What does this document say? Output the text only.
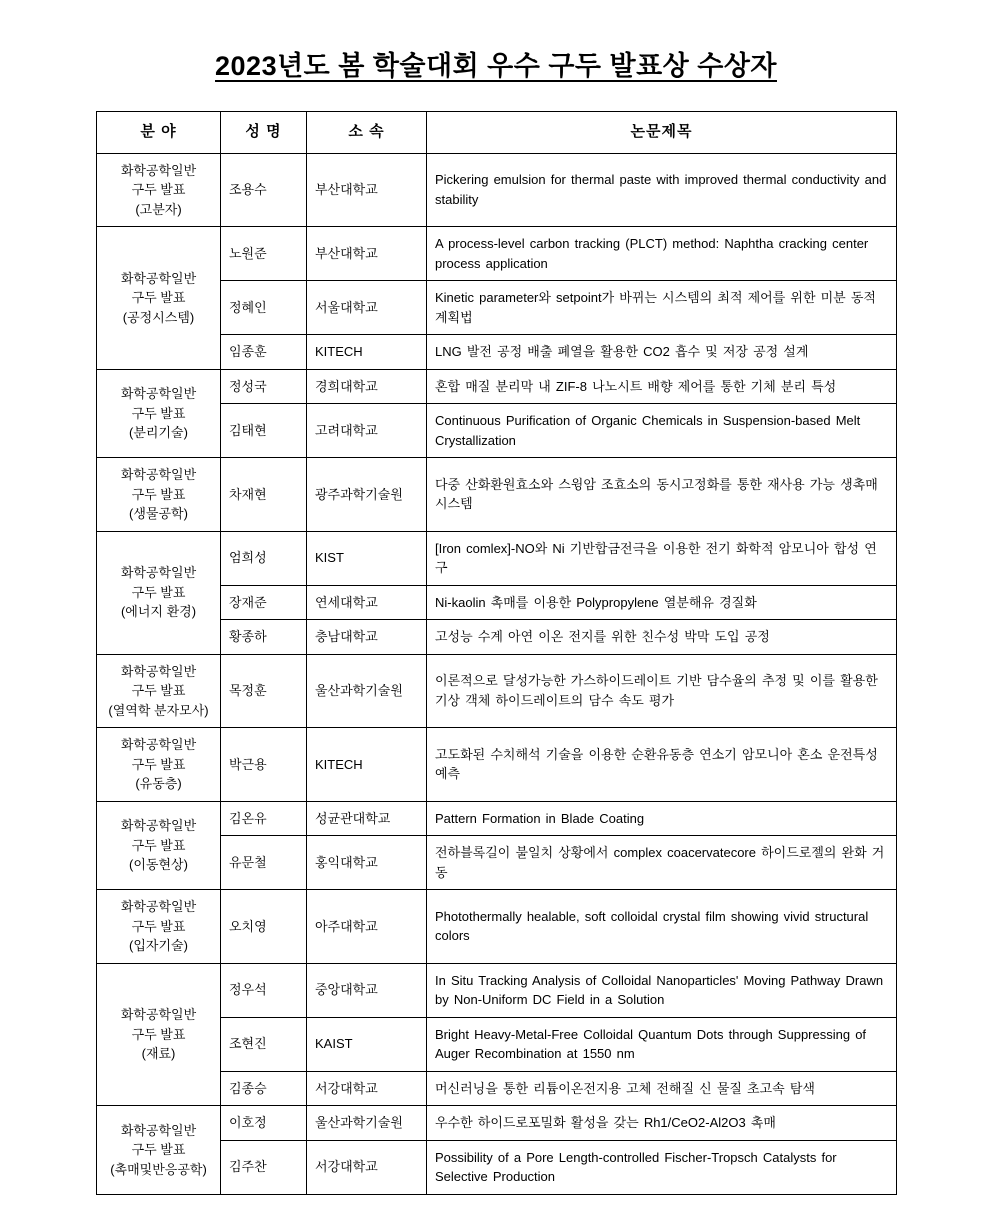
2023년도 봄 학술대회 우수 구두 발표상 수상자
분 야	성 명	소 속	논문제목

화학공학일반
구두 발표
(고분자)	조용수	부산대학교	Pickering emulsion for thermal paste with improved thermal conductivity and stability

화학공학일반
구두 발표
(공정시스템)	노원준	부산대학교	A process-level carbon tracking (PLCT) method: Naphtha cracking center process application
	정혜인	서울대학교	Kinetic parameter와 setpoint가 바뀌는 시스템의 최적 제어를 위한 미분 동적 계획법
	임종훈	KITECH	LNG 발전 공정 배출 폐열을 활용한 CO2 흡수 및 저장 공정 설계

화학공학일반
구두 발표
(분리기술)	정성국	경희대학교	혼합 매질 분리막 내 ZIF-8 나노시트 배향 제어를 통한 기체 분리 특성
	김태현	고려대학교	Continuous Purification of Organic Chemicals in Suspension-based Melt Crystallization

화학공학일반
구두 발표
(생물공학)	차재현	광주과학기술원	다중 산화환원효소와 스윙암 조효소의 동시고정화를 통한 재사용 가능 생촉매 시스템

화학공학일반
구두 발표
(에너지 환경)	엄희성	KIST	[Iron comlex]-NO와 Ni 기반합금전극을 이용한 전기 화학적 암모니아 합성 연구
	장재준	연세대학교	Ni-kaolin 촉매를 이용한 Polypropylene 열분해유 경질화
	황종하	충남대학교	고성능 수계 아연 이온 전지를 위한 친수성 박막 도입 공정

화학공학일반
구두 발표
(열역학 분자모사)	목정훈	울산과학기술원	이론적으로 달성가능한 가스하이드레이트 기반 담수율의 추정 및 이를 활용한 기상 객체 하이드레이트의 담수 속도 평가

화학공학일반
구두 발표
(유동층)	박근용	KITECH	고도화된 수치해석 기술을 이용한 순환유동층 연소기 암모니아 혼소 운전특성 예측

화학공학일반
구두 발표
(이동현상)	김온유	성균관대학교	Pattern Formation in Blade Coating
	유문철	홍익대학교	전하블록길이 불일치 상황에서 complex coacervatecore 하이드로젤의 완화 거동

화학공학일반
구두 발표
(입자기술)	오치영	아주대학교	Photothermally healable, soft colloidal crystal film showing vivid structural colors

화학공학일반
구두 발표
(재료)	정우석	중앙대학교	In Situ Tracking Analysis of Colloidal Nanoparticles' Moving Pathway Drawn by Non-Uniform DC Field in a Solution
	조현진	KAIST	Bright Heavy-Metal-Free Colloidal Quantum Dots through Suppressing of Auger Recombination at 1550 nm
	김종승	서강대학교	머신러닝을 통한 리튬이온전지용 고체 전해질 신 물질 초고속 탐색

화학공학일반
구두 발표
(촉매및반응공학)	이호정	울산과학기술원	우수한 하이드로포밀화 활성을 갖는 Rh1/CeO2-Al2O3 촉매
	김주찬	서강대학교	Possibility of a Pore Length-controlled Fischer-Tropsch Catalysts for Selective Production
